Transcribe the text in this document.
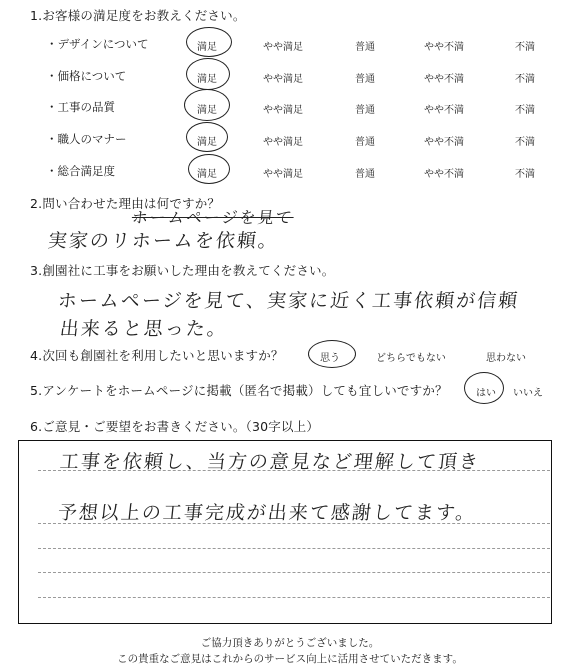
1.お客様の満足度をお教えください。
・デザインについて	満足	やや満足	普通	やや不満	不満
・価格について	満足	やや満足	普通	やや不満	不満
・工事の品質	満足	やや満足	普通	やや不満	不満
・職人のマナー	満足	やや満足	普通	やや不満	不満
・総合満足度	満足	やや満足	普通	やや不満	不満
2.問い合わせた理由は何ですか？
ホームページを見て
実家のリホームを依頼。
3.創園社に工事をお願いした理由を教えてください。
ホームページを見て、実家に近く工事依頼が信頼
出来ると思った。
4.次回も創園社を利用したいと思いますか？	思う	どちらでもない	思わない
5.アンケートをホームページに掲載（匿名で掲載）しても宜しいですか？	はい いいえ
6.ご意見・ご要望をお書きください。（30字以上）
工事を依頼し、当方の意見など理解して頂き
予想以上の工事完成が出来て感謝してます。
ご協力頂きありがとうございました。
この貴重なご意見はこれからのサービス向上に活用させていただきます。
